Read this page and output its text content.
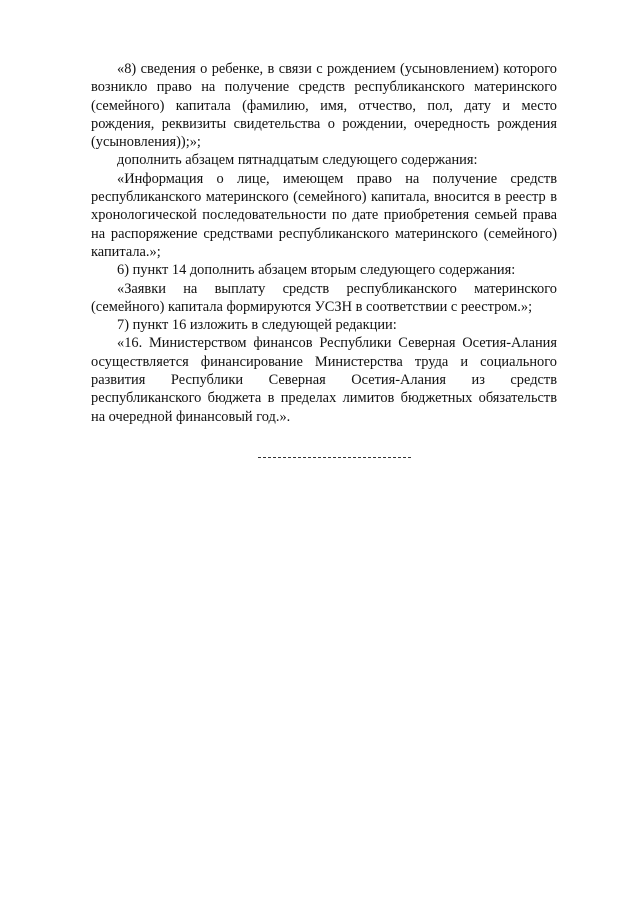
«8) сведения о ребенке, в связи с рождением (усыновлением) которого возникло право на получение средств республиканского материнского (семейного) капитала (фамилию, имя, отчество, пол, дату и место рождения, реквизиты свидетельства о рождении, очередность рождения (усыновления));»;

дополнить абзацем пятнадцатым следующего содержания:

«Информация о лице, имеющем право на получение средств республиканского материнского (семейного) капитала, вносится в реестр в хронологической последовательности по дате приобретения семьей права на распоряжение средствами республиканского материнского (семейного) капитала.»;

6) пункт 14 дополнить абзацем вторым следующего содержания:

«Заявки на выплату средств республиканского материнского (семейного) капитала формируются УСЗН в соответствии с реестром.»;

7) пункт 16 изложить в следующей редакции:

«16. Министерством финансов Республики Северная Осетия-Алания осуществляется финансирование Министерства труда и социального развития Республики Северная Осетия-Алания из средств республиканского бюджета в пределах лимитов бюджетных обязательств на очередной финансовый год.».
